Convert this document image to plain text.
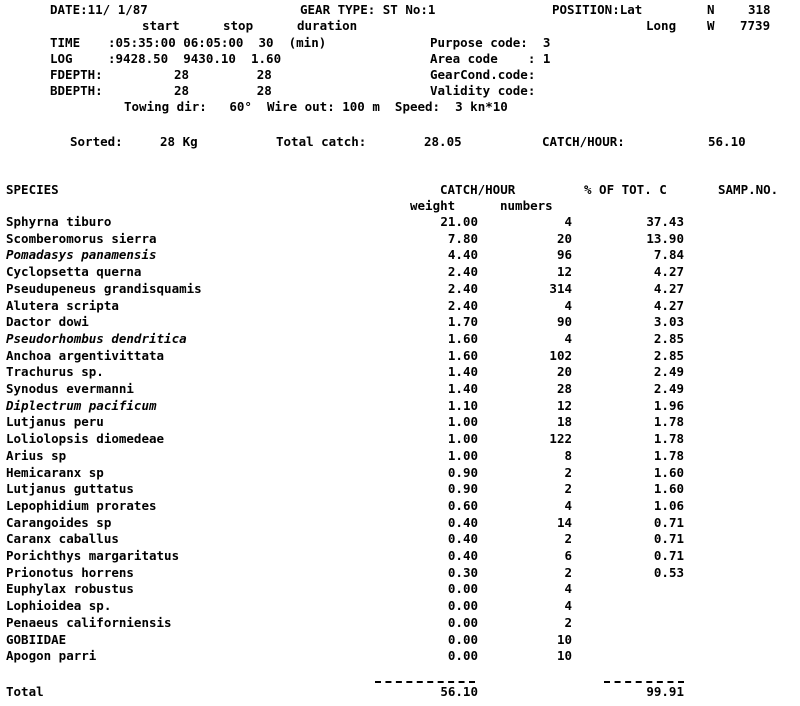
DATE:11/ 1/87	GEAR TYPE: ST No:1	POSITION:Lat	N	318
start	stop	duration	Long W 7739
TIME :05:35:00 06:05:00  30  (min)	Purpose code:  3
LOG	:9428.50  9430.10  1.60	Area code    : 1
FDEPTH:	28         28	GearCond.code:
BDEPTH:	28         28	Validity code:
Towing dir:   60°  Wire out: 100 m  Speed:  3 kn*10
Sorted:	28 Kg	Total catch:	28.05	CATCH/HOUR:	56.10
SPECIES	CATCH/HOUR	% OF TOT. C	SAMP.NO.
weight	numbers
Sphyrna tiburo	21.00	4	37.43
Scomberomorus sierra	7.80	20	13.90
Pomadasys panamensis	4.40	96	7.84
Cyclopsetta querna	2.40	12	4.27
Pseudupeneus grandisquamis	2.40	314	4.27
Alutera scripta	2.40	4	4.27
Dactor dowi	1.70	90	3.03
Pseudorhombus dendritica	1.60	4	2.85
Anchoa argentivittata	1.60	102	2.85
Trachurus sp.	1.40	20	2.49
Synodus evermanni	1.40	28	2.49
Diplectrum pacificum	1.10	12	1.96
Lutjanus peru	1.00	18	1.78
Loliolopsis diomedeae	1.00	122	1.78
Arius sp	1.00	8	1.78
Hemicaranx sp	0.90	2	1.60
Lutjanus guttatus	0.90	2	1.60
Lepophidium prorates	0.60	4	1.06
Carangoides sp	0.40	14	0.71
Caranx caballus	0.40	2	0.71
Porichthys margaritatus	0.40	6	0.71
Prionotus horrens	0.30	2	0.53
Euphylax robustus	0.00	4
Lophioidea sp.	0.00	4
Penaeus californiensis	0.00	2
GOBIIDAE	0.00	10
Apogon parri	0.00	10
Total	56.10	99.91
